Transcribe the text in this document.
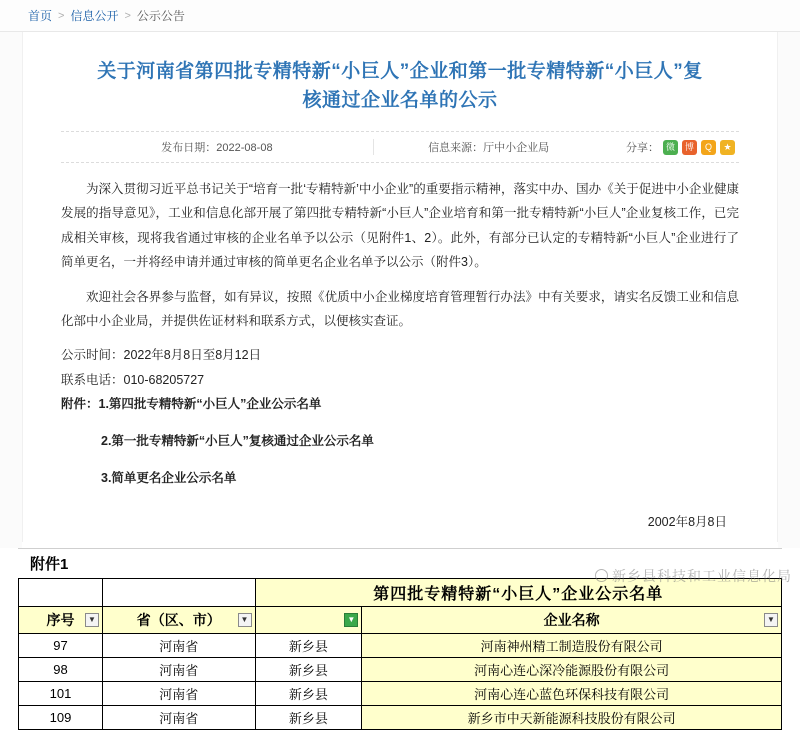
首页 > 信息公开 > 公示公告
关于河南省第四批专精特新“小巨人”企业和第一批专精特新“小巨人”复核通过企业名单的公示
发布日期：2022-08-08	信息来源：厅中小企业局	分享： 微	博	Q	★

为深入贯彻习近平总书记关于“培育一批‘专精特新’中小企业”的重要指示精神，落实中办、国办《关于促进中小企业健康发展的指导意见》，工业和信息化部开展了第四批专精特新“小巨人”企业培育和第一批专精特新“小巨人”企业复核工作，已完成相关审核，现将我省通过审核的企业名单予以公示（见附件1、2）。此外，有部分已认定的专精特新“小巨人”企业进行了简单更名，一并将经申请并通过审核的简单更名企业名单予以公示（附件3）。

欢迎社会各界参与监督，如有异议，按照《优质中小企业梯度培育管理暂行办法》中有关要求，请实名反馈工业和信息化部中小企业局，并提供佐证材料和联系方式，以便核实查证。

公示时间：2022年8月8日至8月12日

联系电话：010-68205727

附件：1.第四批专精特新“小巨人”企业公示名单

2.第一批专精特新“小巨人”复核通过企业公示名单

3.简单更名企业公示名单

2002年8月8日
附件1
		第四批专精特新“小巨人”企业公示名单	
序号 ▼	省（区、市） ▼	▼	企业名称 ▼

97	河南省	新乡县	河南神州精工制造股份有限公司
98	河南省	新乡县	河南心连心深冷能源股份有限公司
101	河南省	新乡县	河南心连心蓝色环保科技有限公司
109	河南省	新乡县	新乡市中天新能源科技股份有限公司
新乡县科技和工业信息化局
